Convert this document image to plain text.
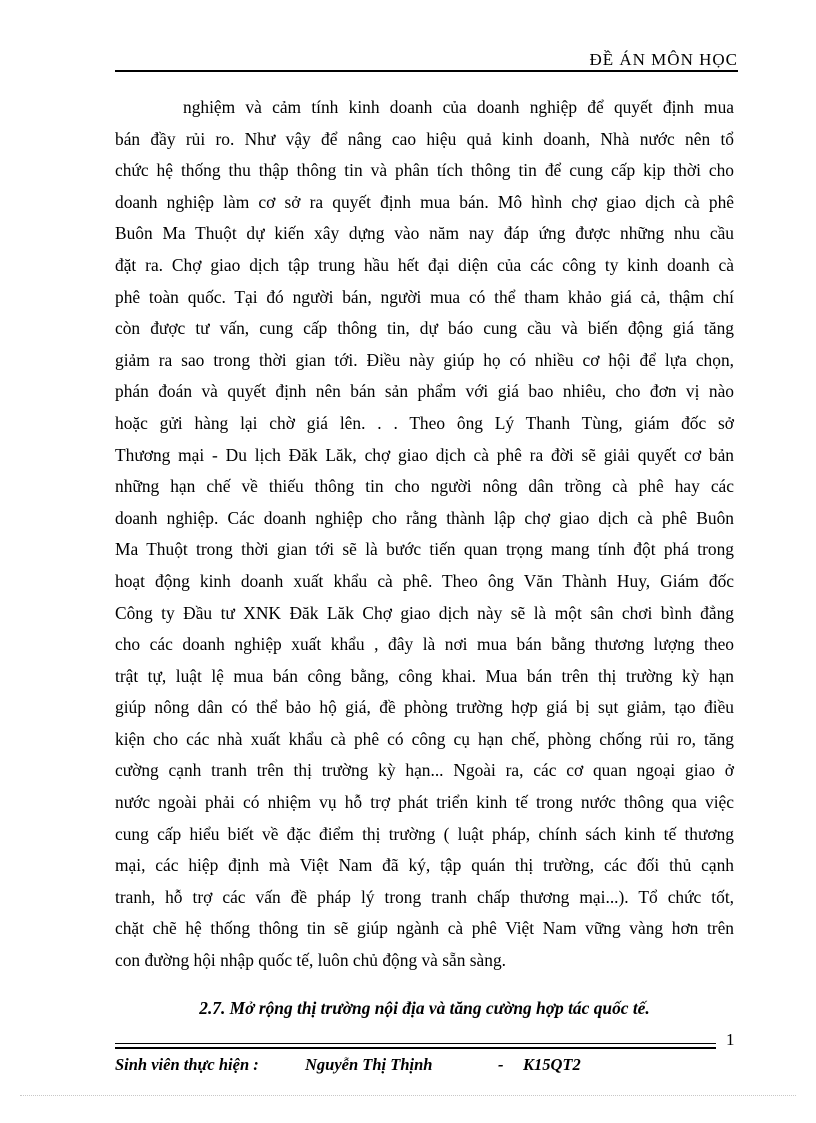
ĐỀ ÁN MÔN HỌC
nghiệm và cảm tính kinh doanh của doanh nghiệp để quyết định mua
bán đầy rủi ro. Như vậy để nâng cao hiệu quả kinh doanh, Nhà nước nên tổ
chức hệ thống thu thập thông tin và phân tích thông tin để cung cấp kịp thời cho
doanh nghiệp làm cơ sở ra quyết định mua bán. Mô hình chợ giao dịch cà phê
Buôn Ma Thuột dự kiến xây dựng vào năm nay đáp ứng được những nhu cầu
đặt ra. Chợ giao dịch tập trung hầu hết đại diện của các công ty kinh doanh cà
phê toàn quốc. Tại đó người bán, người mua có thể tham khảo giá cả, thậm chí
còn được tư vấn, cung cấp thông tin, dự báo cung cầu và biến động giá tăng
giảm ra sao trong thời gian tới. Điều này giúp họ có nhiều cơ hội để lựa chọn,
phán đoán và quyết định nên bán sản phẩm với giá bao nhiêu, cho đơn vị nào
hoặc gửi hàng lại chờ giá lên. . . Theo ông Lý Thanh Tùng, giám đốc sở
Thương mại - Du lịch Đăk Lăk, chợ giao dịch cà phê ra đời sẽ giải quyết cơ bản
những hạn chế về thiếu thông tin cho người nông dân trồng cà phê hay các
doanh nghiệp. Các doanh nghiệp cho rằng thành lập chợ giao dịch cà phê Buôn
Ma Thuột trong thời gian tới sẽ là bước tiến quan trọng mang tính đột phá trong
hoạt động kinh doanh xuất khẩu cà phê. Theo ông Văn Thành Huy, Giám đốc
Công ty Đầu tư XNK Đăk Lăk Chợ giao dịch này sẽ là một sân chơi bình đẳng
cho các doanh nghiệp xuất khẩu , đây là nơi mua bán bằng thương lượng theo
trật tự, luật lệ mua bán công bằng, công khai. Mua bán trên thị trường kỳ hạn
giúp nông dân có thể bảo hộ giá, đề phòng trường hợp giá bị sụt giảm, tạo điều
kiện cho các nhà xuất khẩu cà phê có công cụ hạn chế, phòng chống rủi ro, tăng
cường cạnh tranh trên thị trường kỳ hạn... Ngoài ra, các cơ quan ngoại giao ở
nước ngoài phải có nhiệm vụ hỗ trợ phát triển kinh tế trong nước thông qua việc
cung cấp hiểu biết về đặc điểm thị trường ( luật pháp, chính sách kinh tế thương
mại, các hiệp định mà Việt Nam đã ký, tập quán thị trường, các đối thủ cạnh
tranh, hỗ trợ các vấn đề pháp lý trong tranh chấp thương mại...). Tổ chức tốt,
chặt chẽ hệ thống thông tin sẽ giúp ngành cà phê Việt Nam vững vàng hơn trên
con đường hội nhập quốc tế, luôn chủ động và sẵn sàng.
2.7. Mở rộng thị trường nội địa và tăng cường hợp tác quốc tế.
1
Sinh viên thực hiện :	Nguyễn Thị Thịnh	- K15QT2
